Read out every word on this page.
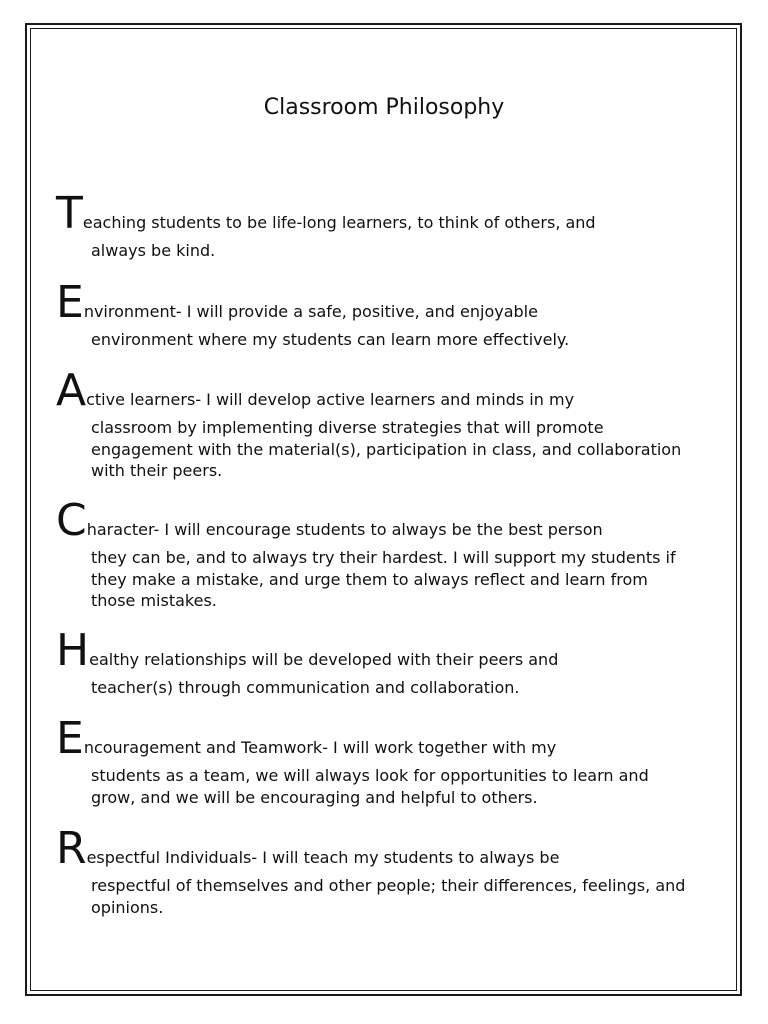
Classroom Philosophy
Teaching students to be life-long learners, to think of others, and
always be kind.
Environment- I will provide a safe, positive, and enjoyable
environment where my students can learn more effectively.
Active learners- I will develop active learners and minds in my
classroom by implementing diverse strategies that will promote engagement with the material(s), participation in class, and collaboration with their peers.
Character- I will encourage students to always be the best person
they can be, and to always try their hardest. I will support my students if they make a mistake, and urge them to always reflect and learn from those mistakes.
Healthy relationships will be developed with their peers and
teacher(s) through communication and collaboration.
Encouragement and Teamwork- I will work together with my
students as a team, we will always look for opportunities to learn and grow, and we will be encouraging and helpful to others.
Respectful Individuals- I will teach my students to always be
respectful of themselves and other people; their differences, feelings, and opinions.
